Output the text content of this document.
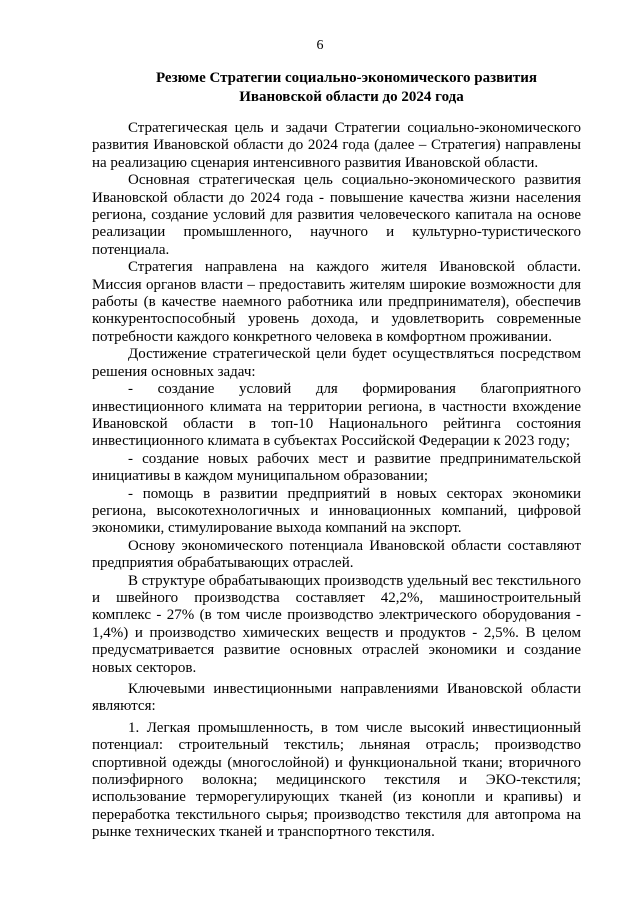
6
Резюме Стратегии социально-экономического развития
Ивановской области до 2024 года

Стратегическая цель и задачи Стратегии социально-экономического развития Ивановской области до 2024 года (далее – Стратегия) направлены на реализацию сценария интенсивного развития Ивановской области.

Основная стратегическая цель социально-экономического развития Ивановской области до 2024 года - повышение качества жизни населения региона, создание условий для развития человеческого капитала на основе реализации промышленного, научного и культурно-туристического потенциала.

Стратегия направлена на каждого жителя Ивановской области. Миссия органов власти – предоставить жителям широкие возможности для работы (в качестве наемного работника или предпринимателя), обеспечив конкурентоспособный уровень дохода, и удовлетворить современные потребности каждого конкретного человека в комфортном проживании.

Достижение стратегической цели будет осуществляться посредством решения основных задач:

- создание условий для формирования благоприятного инвестиционного климата на территории региона, в частности вхождение Ивановской области в топ-10 Национального рейтинга состояния инвестиционного климата в субъектах Российской Федерации к 2023 году;

- создание новых рабочих мест и развитие предпринимательской инициативы в каждом муниципальном образовании;

- помощь в развитии предприятий в новых секторах экономики региона, высокотехнологичных и инновационных компаний, цифровой экономики, стимулирование выхода компаний на экспорт.

Основу экономического потенциала Ивановской области составляют предприятия обрабатывающих отраслей.

В структуре обрабатывающих производств удельный вес текстильного и швейного производства составляет 42,2%, машиностроительный комплекс - 27% (в том числе производство электрического оборудования - 1,4%) и производство химических веществ и продуктов - 2,5%. В целом предусматривается развитие основных отраслей экономики и создание новых секторов.

Ключевыми инвестиционными направлениями Ивановской области являются:

1. Легкая промышленность, в том числе высокий инвестиционный потенциал: строительный текстиль; льняная отрасль; производство спортивной одежды (многослойной) и функциональной ткани; вторичного полиэфирного волокна; медицинского текстиля и ЭКО-текстиля; использование терморегулирующих тканей (из конопли и крапивы) и переработка текстильного сырья; производство текстиля для автопрома на рынке технических тканей и транспортного текстиля.
